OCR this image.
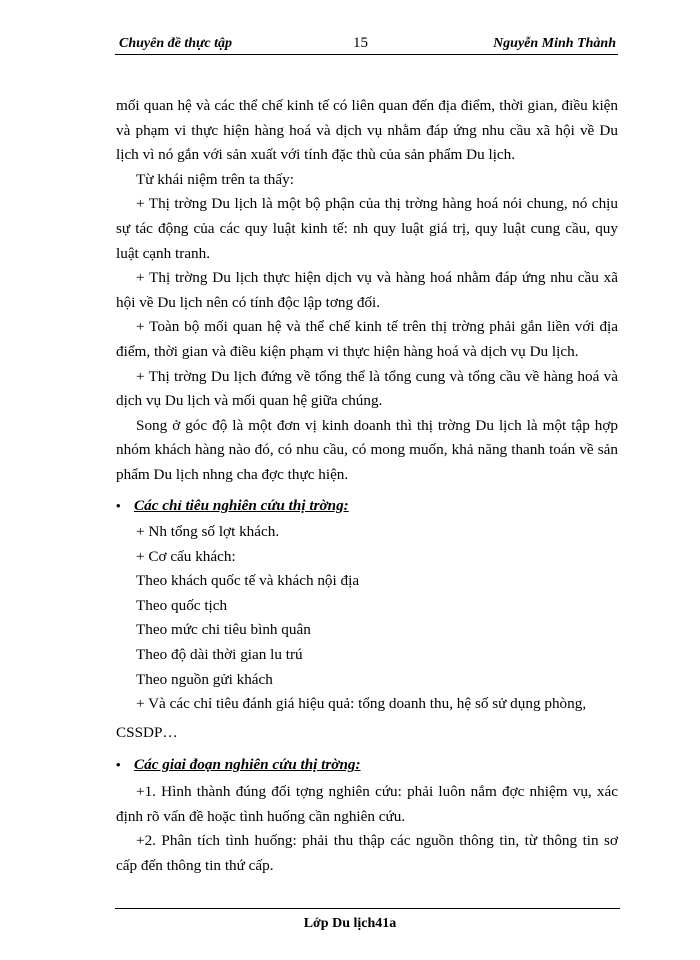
Chuyên đề thực tập	15	Nguyễn Minh Thành

mối quan hệ và các thể chế kinh tế có liên quan đến địa điểm, thời gian, điều kiện và phạm vi thực hiện hàng hoá và dịch vụ nhằm đáp ứng nhu cầu xã hội về Du lịch vì nó gắn với sản xuất với tính đặc thù của sản phẩm Du lịch.

Từ khái niệm trên ta thấy:

+ Thị trờng Du lịch là một bộ phận của thị trờng hàng hoá nói chung, nó chịu sự tác động của các quy luật kinh tế: nh quy luật giá trị, quy luật cung cầu, quy luật cạnh tranh.

+ Thị trờng Du lịch thực hiện dịch vụ và hàng hoá nhằm đáp ứng nhu cầu xã hội về Du lịch nên có tính độc lập tơng đối.

+ Toàn bộ mối quan hệ và thể chế kinh tế trên thị trờng phải gắn liền với địa điểm, thời gian và điều kiện phạm vi thực hiện hàng hoá và dịch vụ Du lịch.

+ Thị trờng Du lịch đứng về tổng thể là tổng cung và tổng cầu về hàng hoá và dịch vụ Du lịch và mối quan hệ giữa chúng.

Song ở góc độ là một đơn vị kinh doanh thì thị trờng Du lịch là một tập hợp nhóm khách hàng nào đó, có nhu cầu, có mong muốn, khả năng thanh toán về sản phẩm Du lịch nhng cha đợc thực hiện.

• Các chỉ tiêu nghiên cứu thị trờng:

+ Nh tổng số lợt khách.

+ Cơ cấu khách:

Theo khách quốc tế và khách nội địa

Theo quốc tịch

Theo mức chi tiêu bình quân

Theo độ dài thời gian lu trú

Theo nguồn gửi khách

+ Và các chỉ tiêu đánh giá hiệu quả: tổng doanh thu, hệ số sử dụng phòng,

CSSDP…

• Các giai đoạn nghiên cứu thị trờng:

+1. Hình thành đúng đối tợng nghiên cứu: phải luôn nắm đợc nhiệm vụ, xác định rõ vấn đề hoặc tình huống cần nghiên cứu.

+2. Phân tích tình huống: phải thu thập các nguồn thông tin, từ thông tin sơ cấp đến thông tin thứ cấp.

Lớp Du lịch41a
